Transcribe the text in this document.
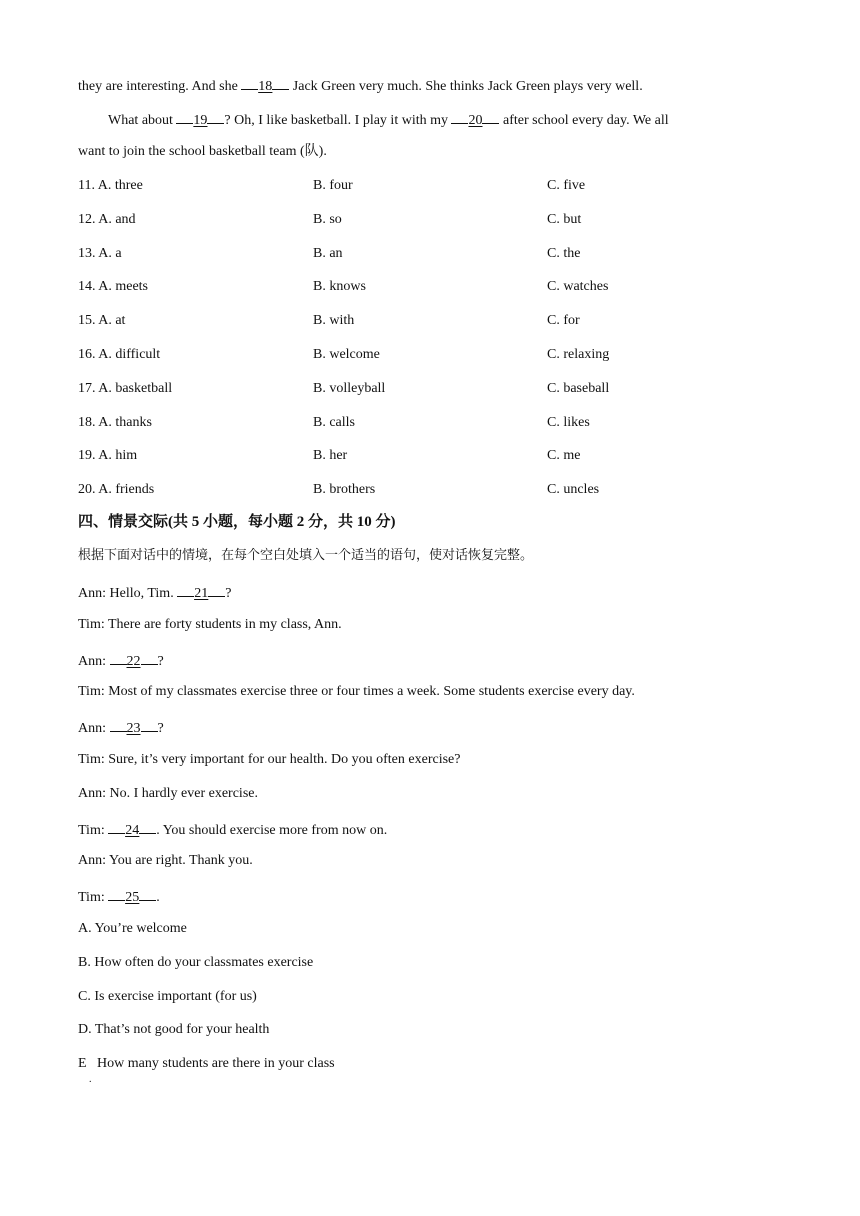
they are interesting. And she 18 Jack Green very much. She thinks Jack Green plays very well.
What about 19 ? Oh, I like basketball. I play it with my 20 after school every day. We all
want to join the school basketball team (队).
11. A. three	B. four	C. five
12. A. and	B. so	C. but
13. A. a	B. an	C. the
14. A. meets	B. knows	C. watches
15. A. at	B. with	C. for
16. A. difficult	B. welcome	C. relaxing
17. A. basketball	B. volleyball	C. baseball
18. A. thanks	B. calls	C. likes
19. A. him	B. her	C. me
20. A. friends	B. brothers	C. uncles
四、情景交际(共 5 小题，每小题 2 分，共 10 分)
根据下面对话中的情境，在每个空白处填入一个适当的语句，使对话恢复完整。
Ann: Hello, Tim. 21 ?
Tim: There are forty students in my class, Ann.
Ann: 22 ?
Tim: Most of my classmates exercise three or four times a week. Some students exercise every day.
Ann: 23 ?
Tim: Sure, it’s very important for our health. Do you often exercise?
Ann: No. I hardly ever exercise.
Tim: 24 . You should exercise more from now on.
Ann: You are right. Thank you.
Tim: 25 .
A. You’re welcome
B. How often do your classmates exercise
C. Is exercise important (for us)
D. That’s not good for your health
E   How many students are there in your class
.
